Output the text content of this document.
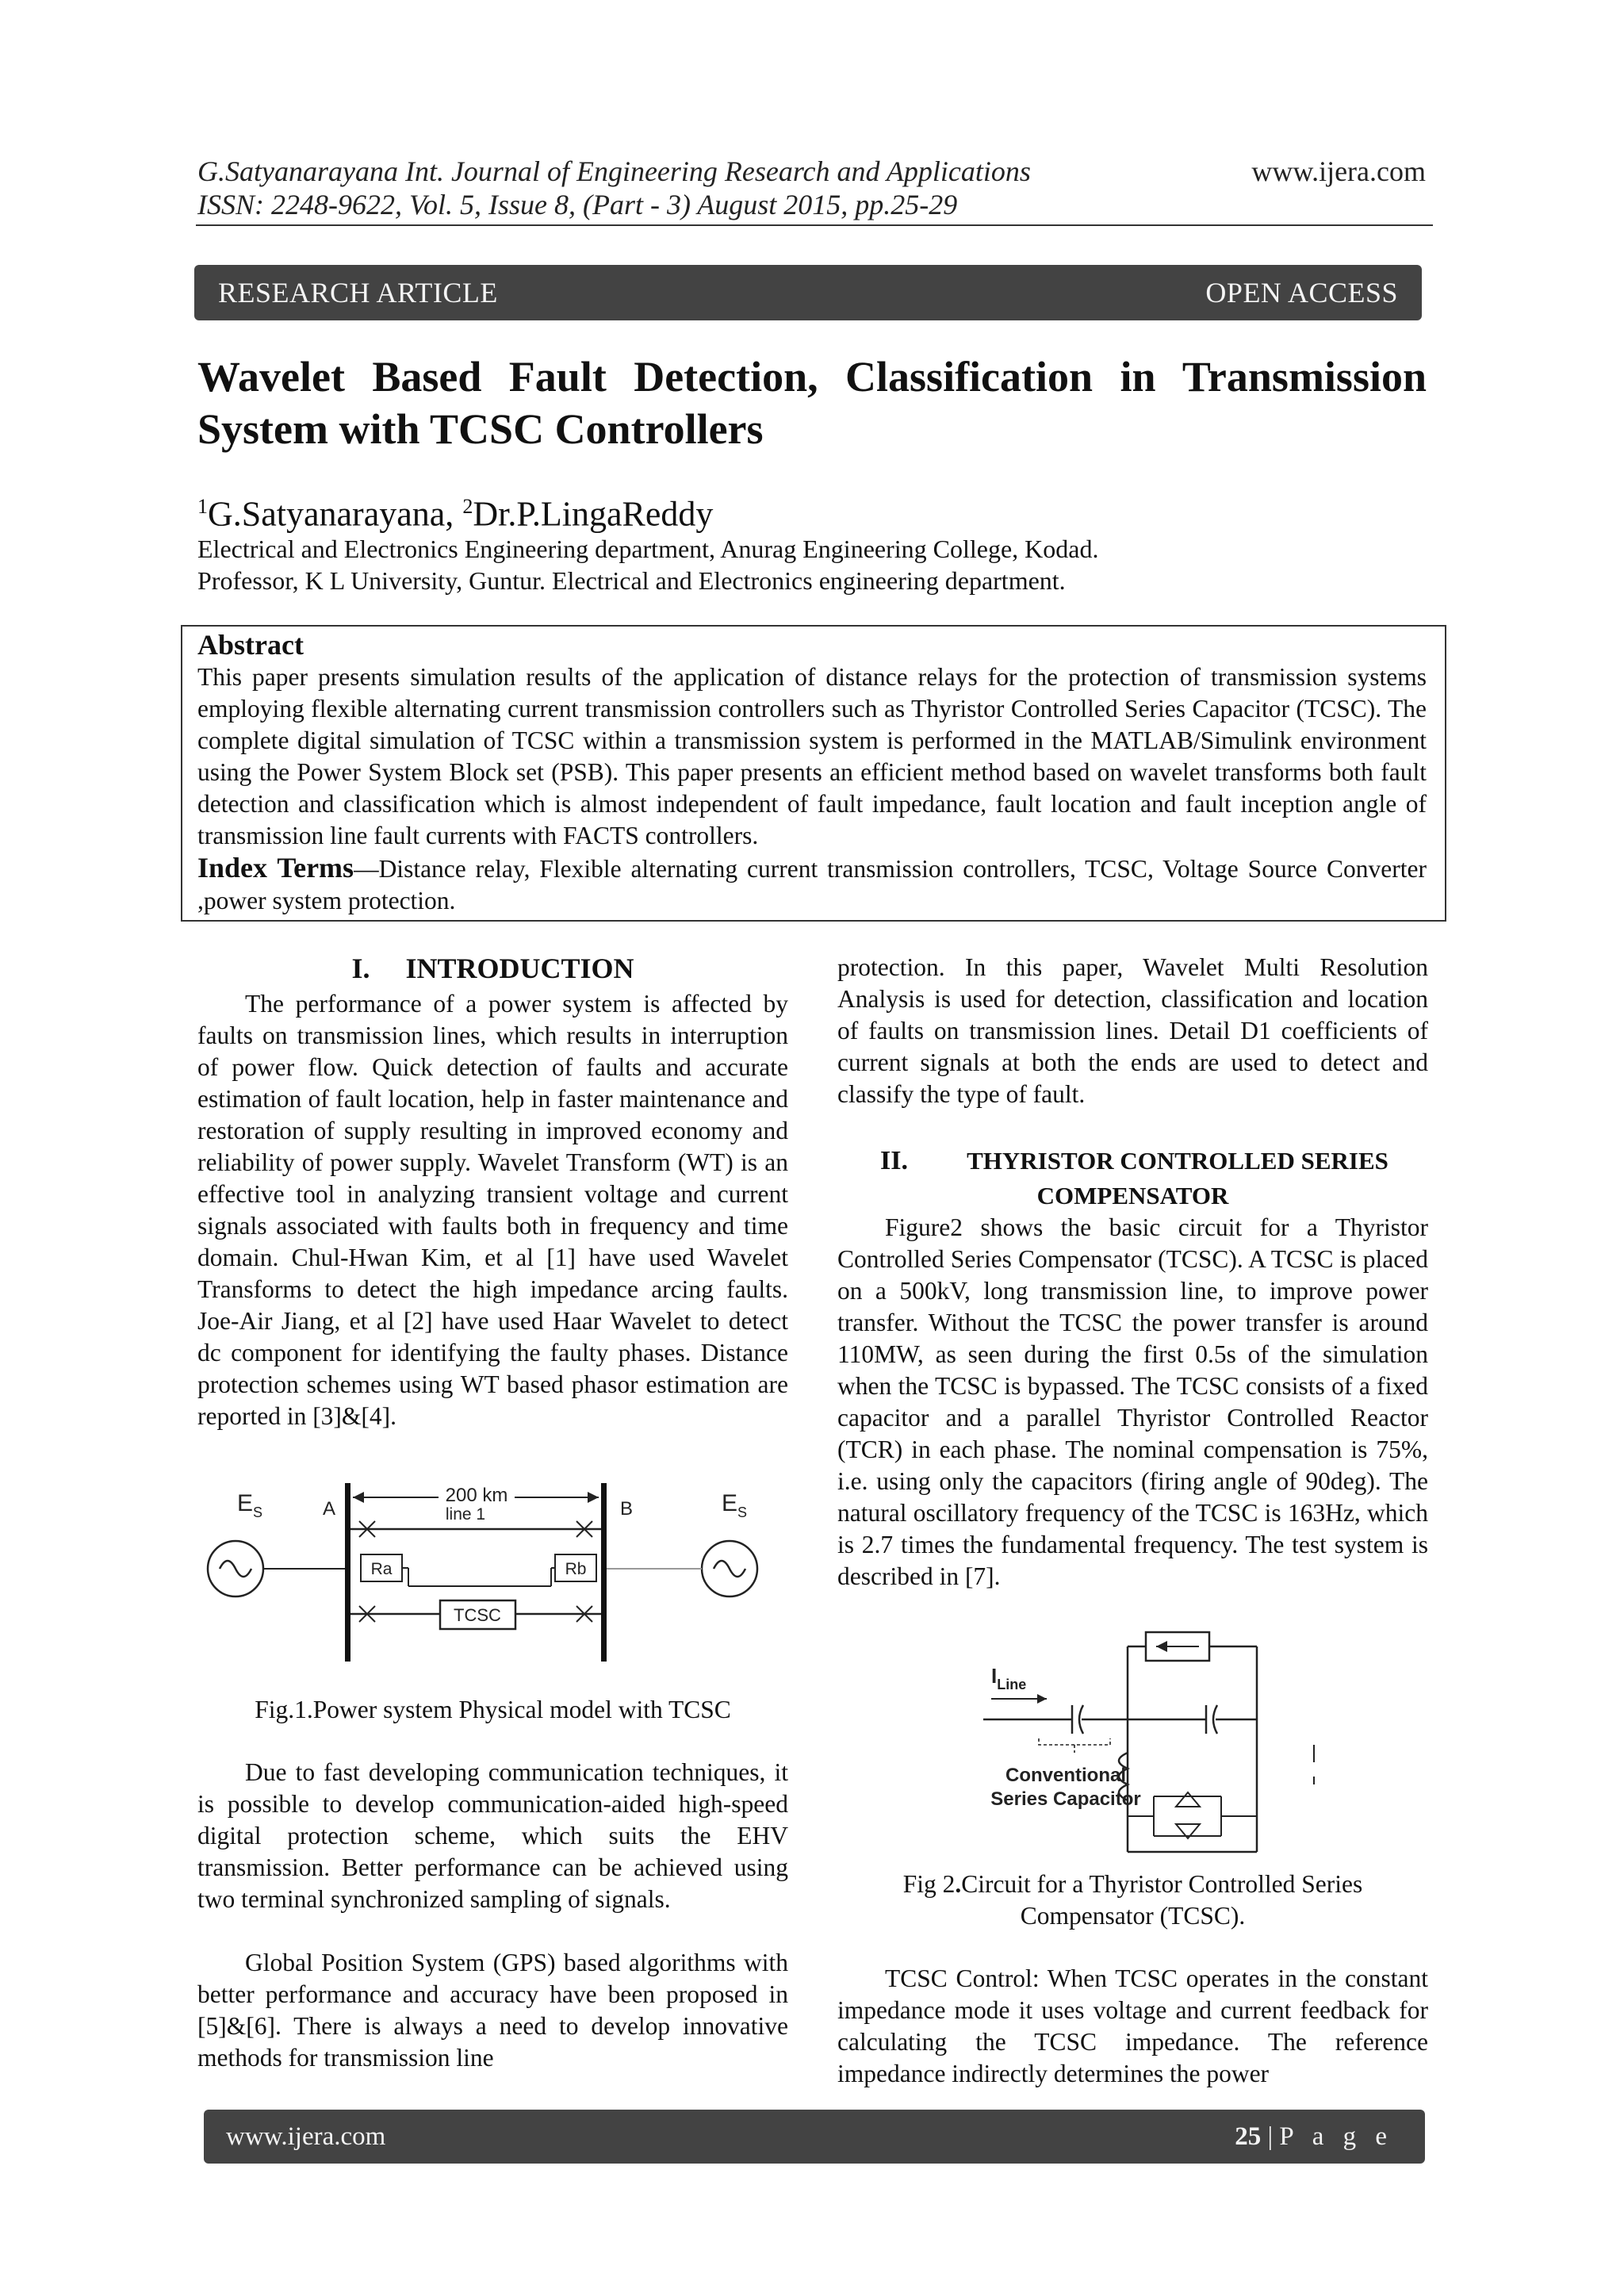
G.Satyanarayana Int. Journal of Engineering Research and Applications
ISSN: 2248-9622, Vol. 5, Issue 8, (Part - 3) August 2015, pp.25-29
www.ijera.com
RESEARCH ARTICLE	OPEN ACCESS
Wavelet Based Fault Detection, Classification in Transmission System with TCSC Controllers
$^1$G.Satyanarayana, $^2$Dr.P.LingaReddy
Electrical and Electronics Engineering department, Anurag Engineering College, Kodad.
Professor, K L University, Guntur. Electrical and Electronics engineering department.
Abstract
This paper presents simulation results of the application of distance relays for the protection of transmission systems employing flexible alternating current transmission controllers such as Thyristor Controlled Series Capacitor (TCSC). The complete digital simulation of TCSC within a transmission system is performed in the MATLAB/Simulink environment using the Power System Block set (PSB). This paper presents an efficient method based on wavelet transforms both fault detection and classification which is almost independent of fault impedance, fault location and fault inception angle of transmission line fault currents with FACTS controllers.
Index Terms—Distance relay, Flexible alternating current transmission controllers, TCSC, Voltage Source Converter ,power system protection.
I.     INTRODUCTION
The performance of a power system is affected by faults on transmission lines, which results in interruption of power flow. Quick detection of faults and accurate estimation of fault location, help in faster maintenance and restoration of supply resulting in improved economy and reliability of power supply. Wavelet Transform (WT) is an effective tool in analyzing transient voltage and current signals associated with faults both in frequency and time domain. Chul-Hwan Kim, et al [1] have used Wavelet Transforms to detect the high impedance arcing faults. Joe-Air Jiang, et al [2] have used Haar Wavelet to detect dc component for identifying the faulty phases. Distance protection schemes using WT based phasor estimation are reported in [3]&[4].
$E_S$	$E_S$
A	B
200 km
line 1
Ra	Rb
TCSC
Fig.1.Power system Physical model with TCSC
Due to fast developing communication techniques, it is possible to develop communication-aided high-speed digital protection scheme, which suits the EHV transmission. Better performance can be achieved using two terminal synchronized sampling of signals.
Global Position System (GPS) based algorithms with better performance and accuracy have been proposed in [5]&[6]. There is always a need to develop innovative methods for transmission line
protection. In this paper, Wavelet Multi Resolution Analysis is used for detection, classification and location of faults on transmission lines. Detail D1 coefficients of current signals at both the ends are used to detect and classify the type of fault.
II.	THYRISTOR CONTROLLED SERIES
COMPENSATOR
Figure2 shows the basic circuit for a Thyristor Controlled Series Compensator (TCSC). A TCSC is placed on a 500kV, long transmission line, to improve power transfer. Without the TCSC the power transfer is around 110MW, as seen during the first 0.5s of the simulation when the TCSC is bypassed. The TCSC consists of a fixed capacitor and a parallel Thyristor Controlled Reactor (TCR) in each phase. The nominal compensation is 75%, i.e. using only the capacitors (firing angle of 90deg). The natural oscillatory frequency of the TCSC is 163Hz, which is 2.7 times the fundamental frequency. The test system is described in [7].
$I_{Line}$
Conventional
Series Capacitor
Fig 2.Circuit for a Thyristor Controlled Series
Compensator (TCSC).
TCSC Control: When TCSC operates in the constant impedance mode it uses voltage and current feedback for calculating the TCSC impedance. The reference impedance indirectly determines the power
www.ijera.com	25 | P a g e
